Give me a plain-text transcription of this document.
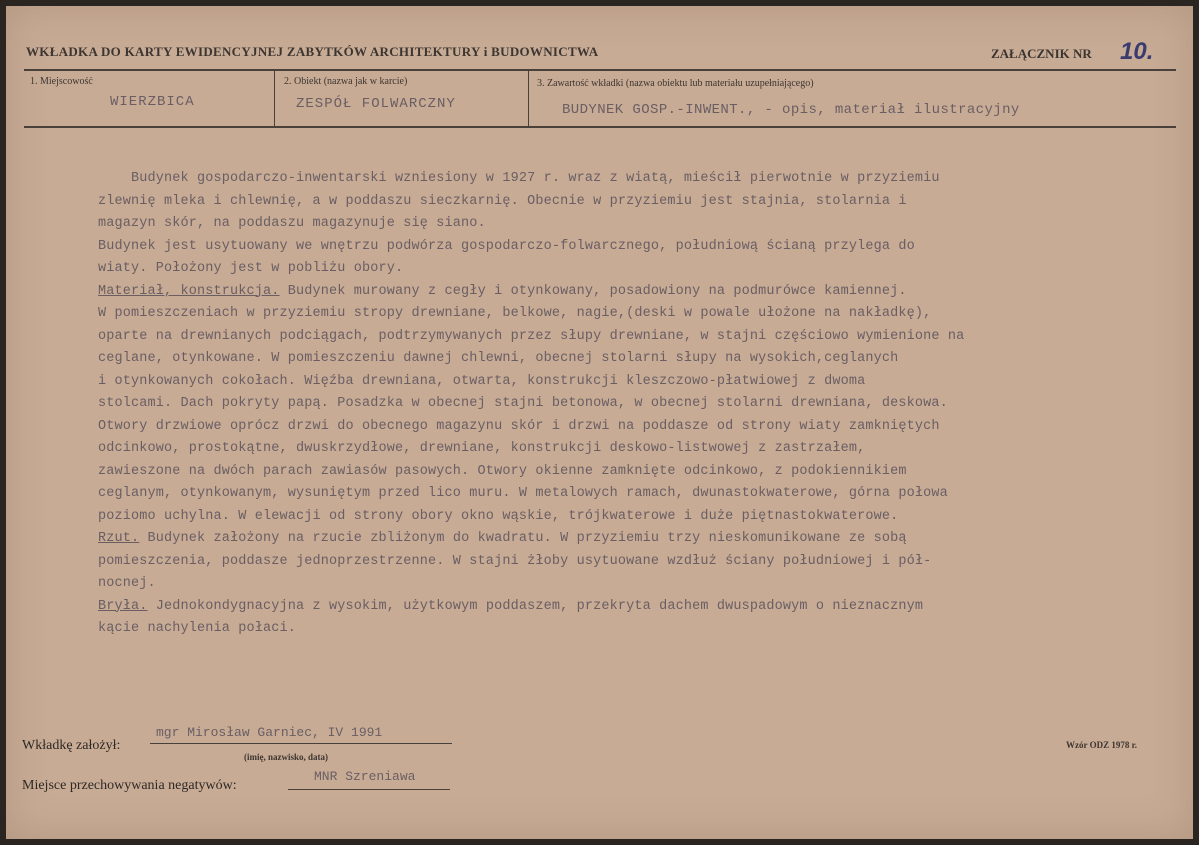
WKŁADKA DO KARTY EWIDENCYJNEJ ZABYTKÓW ARCHITEKTURY i BUDOWNICTWA	ZAŁĄCZNIK NR 10.
1. Miejscowość
WIERZBICA
2. Obiekt (nazwa jak w karcie)
ZESPÓŁ FOLWARCZNY
3. Zawartość wkładki (nazwa obiektu lub materiału uzupełniającego)
BUDYNEK GOSP.-INWENT., - opis, materiał ilustracyjny

Budynek gospodarczo-inwentarski wzniesiony w 1927 r. wraz z wiatą, mieścił pierwotnie w przyziemiu

zlewnię mleka i chlewnię, a w poddaszu sieczkarnię. Obecnie w przyziemiu jest stajnia, stolarnia i

magazyn skór, na poddaszu magazynuje się siano.

Budynek jest usytuowany we wnętrzu podwórza gospodarczo-folwarcznego, południową ścianą przylega do

wiaty. Położony jest w pobliżu obory.

Materiał, konstrukcja. Budynek murowany z cegły i otynkowany, posadowiony na podmurówce kamiennej.

W pomieszczeniach w przyziemiu stropy drewniane, belkowe, nagie,(deski w powale ułożone na nakładkę),

oparte na drewnianych podciągach, podtrzymywanych przez słupy drewniane, w stajni częściowo wymienione na

ceglane, otynkowane. W pomieszczeniu dawnej chlewni, obecnej stolarni słupy na wysokich,ceglanych

i otynkowanych cokołach. Więźba drewniana, otwarta, konstrukcji kleszczowo-płatwiowej z dwoma

stolcami. Dach pokryty papą. Posadzka w obecnej stajni betonowa, w obecnej stolarni drewniana, deskowa.

Otwory drzwiowe oprócz drzwi do obecnego magazynu skór i drzwi na poddasze od strony wiaty zamkniętych

odcinkowo, prostokątne, dwuskrzydłowe, drewniane, konstrukcji deskowo-listwowej z zastrzałem,

zawieszone na dwóch parach zawiasów pasowych. Otwory okienne zamknięte odcinkowo, z podokiennikiem

ceglanym, otynkowanym, wysuniętym przed lico muru. W metalowych ramach, dwunastokwaterowe, górna połowa

poziomo uchylna. W elewacji od strony obory okno wąskie, trójkwaterowe i duże piętnastokwaterowe.

Rzut. Budynek założony na rzucie zbliżonym do kwadratu. W przyziemiu trzy nieskomunikowane ze sobą

pomieszczenia, poddasze jednoprzestrzenne. W stajni żłoby usytuowane wzdłuż ściany południowej i pół-

nocnej.

Bryła. Jednokondygnacyjna z wysokim, użytkowym poddaszem, przekryta dachem dwuspadowym o nieznacznym

kącie nachylenia połaci.

Wkładkę założył:
mgr Mirosław Garniec, IV 1991
(imię, nazwisko, data)
Miejsce przechowywania negatywów:
MNR Szreniawa
Wzór ODZ 1978 r.
